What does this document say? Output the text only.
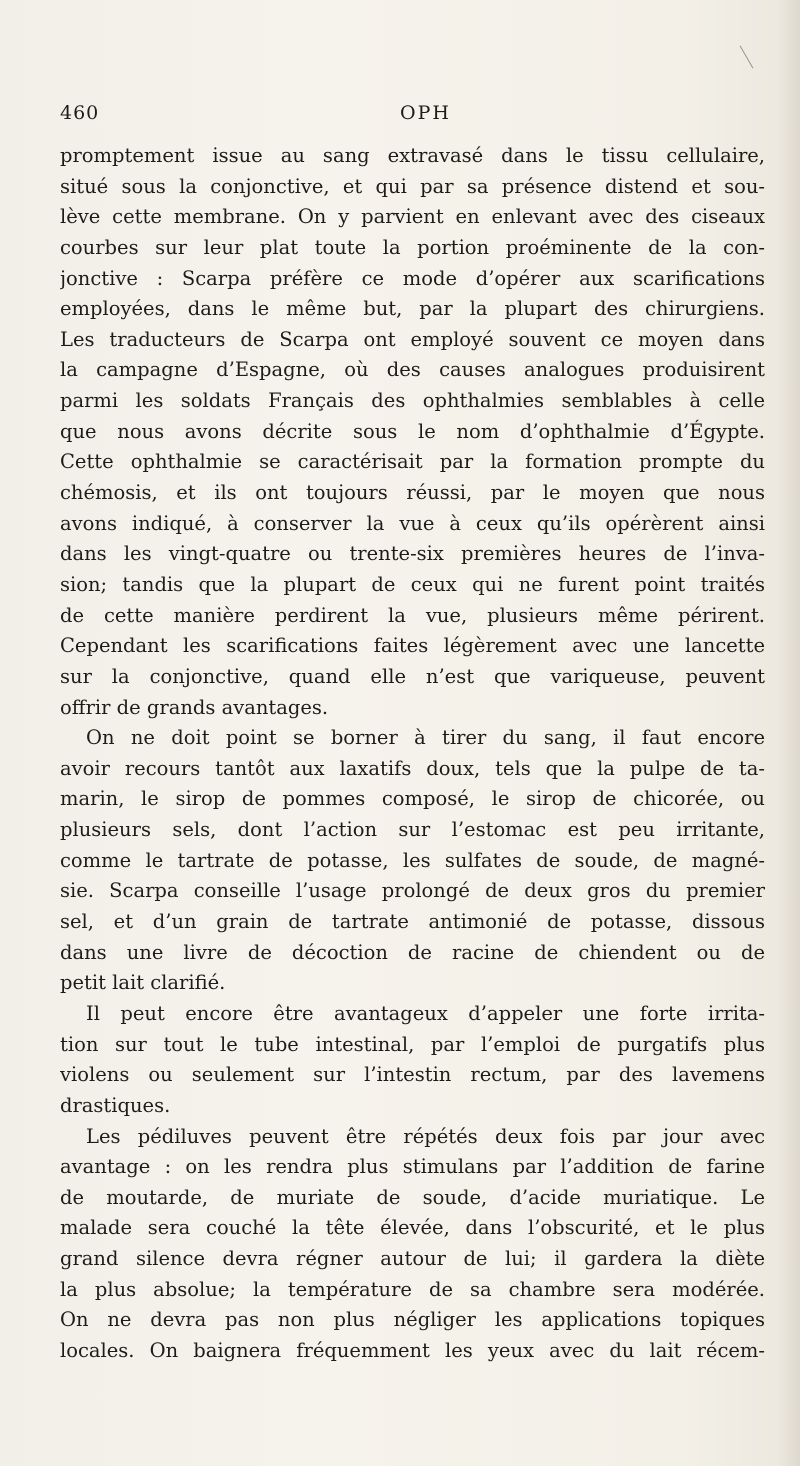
460	OPH
promptement issue au sang extravasé dans le tissu cellulaire,
situé sous la conjonctive, et qui par sa présence distend et sou-
lève cette membrane. On y parvient en enlevant avec des ciseaux
courbes sur leur plat toute la portion proéminente de la con-
jonctive : Scarpa préfère ce mode d’opérer aux scarifications
employées, dans le même but, par la plupart des chirurgiens.
Les traducteurs de Scarpa ont employé souvent ce moyen dans
la campagne d’Espagne, où des causes analogues produisirent
parmi les soldats Français des ophthalmies semblables à celle
que nous avons décrite sous le nom d’ophthalmie d’Égypte.
Cette ophthalmie se caractérisait par la formation prompte du
chémosis, et ils ont toujours réussi, par le moyen que nous
avons indiqué, à conserver la vue à ceux qu’ils opérèrent ainsi
dans les vingt-quatre ou trente-six premières heures de l’inva-
sion; tandis que la plupart de ceux qui ne furent point traités
de cette manière perdirent la vue, plusieurs même périrent.
Cependant les scarifications faites légèrement avec une lancette
sur la conjonctive, quand elle n’est que variqueuse, peuvent
offrir de grands avantages.
On ne doit point se borner à tirer du sang, il faut encore
avoir recours tantôt aux laxatifs doux, tels que la pulpe de ta-
marin, le sirop de pommes composé, le sirop de chicorée, ou
plusieurs sels, dont l’action sur l’estomac est peu irritante,
comme le tartrate de potasse, les sulfates de soude, de magné-
sie. Scarpa conseille l’usage prolongé de deux gros du premier
sel, et d’un grain de tartrate antimonié de potasse, dissous
dans une livre de décoction de racine de chiendent ou de
petit lait clarifié.
Il peut encore être avantageux d’appeler une forte irrita-
tion sur tout le tube intestinal, par l’emploi de purgatifs plus
violens ou seulement sur l’intestin rectum, par des lavemens
drastiques.
Les pédiluves peuvent être répétés deux fois par jour avec
avantage : on les rendra plus stimulans par l’addition de farine
de moutarde, de muriate de soude, d’acide muriatique. Le
malade sera couché la tête élevée, dans l’obscurité, et le plus
grand silence devra régner autour de lui; il gardera la diète
la plus absolue; la température de sa chambre sera modérée.
On ne devra pas non plus négliger les applications topiques
locales. On baignera fréquemment les yeux avec du lait récem-
